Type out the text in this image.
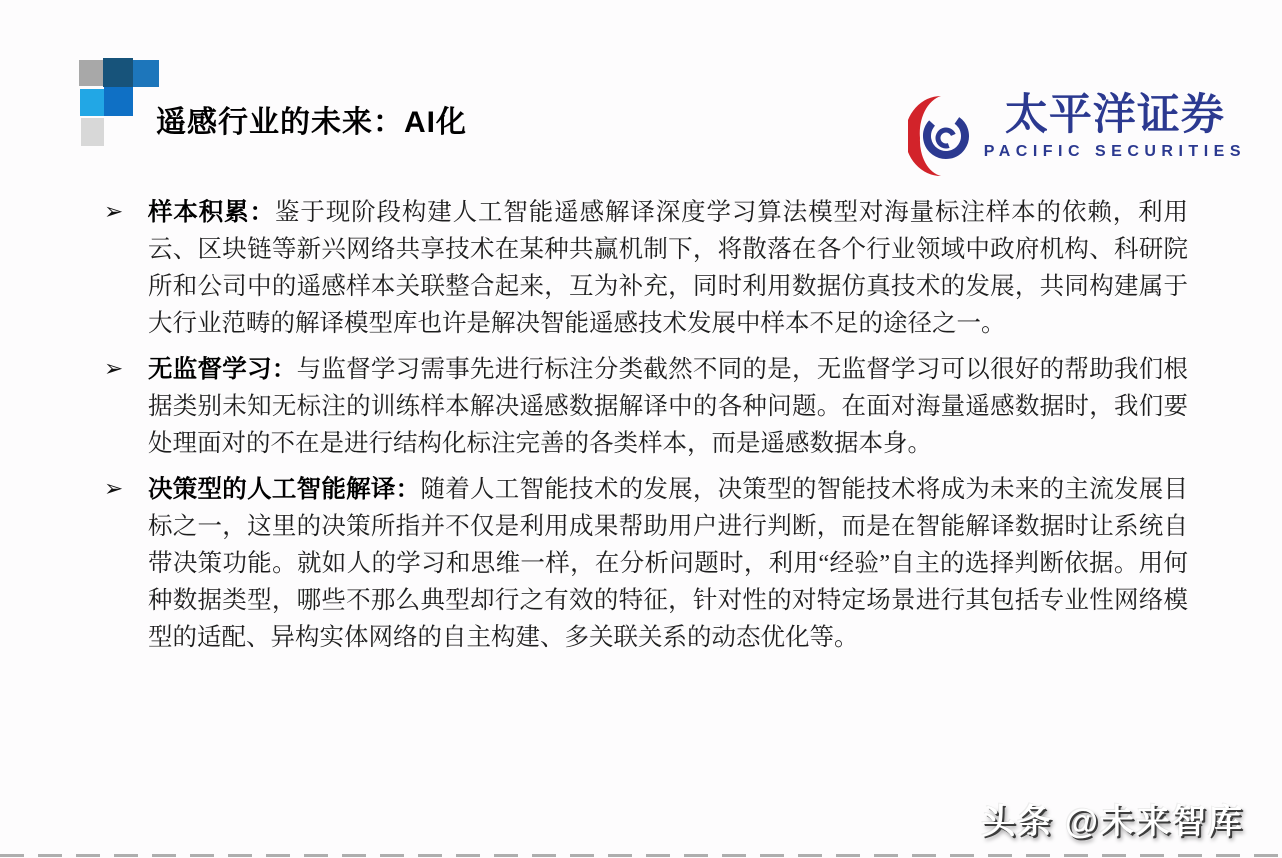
遥感行业的未来：AI化	太平洋证券
PACIFIC SECURITIES
➢ 样本积累：鉴于现阶段构建人工智能遥感解译深度学习算法模型对海量标注样本的依赖，利用云、区块链等新兴网络共享技术在某种共赢机制下，将散落在各个行业领域中政府机构、科研院所和公司中的遥感样本关联整合起来，互为补充，同时利用数据仿真技术的发展，共同构建属于大行业范畴的解译模型库也许是解决智能遥感技术发展中样本不足的途径之一。
➢ 无监督学习：与监督学习需事先进行标注分类截然不同的是，无监督学习可以很好的帮助我们根据类别未知无标注的训练样本解决遥感数据解译中的各种问题。在面对海量遥感数据时，我们要处理面对的不在是进行结构化标注完善的各类样本，而是遥感数据本身。
➢ 决策型的人工智能解译：随着人工智能技术的发展，决策型的智能技术将成为未来的主流发展目标之一，这里的决策所指并不仅是利用成果帮助用户进行判断，而是在智能解译数据时让系统自带决策功能。就如人的学习和思维一样，在分析问题时，利用“经验”自主的选择判断依据。用何种数据类型，哪些不那么典型却行之有效的特征，针对性的对特定场景进行其包括专业性网络模型的适配、异构实体网络的自主构建、多关联关系的动态优化等。
头条 @未来智库
